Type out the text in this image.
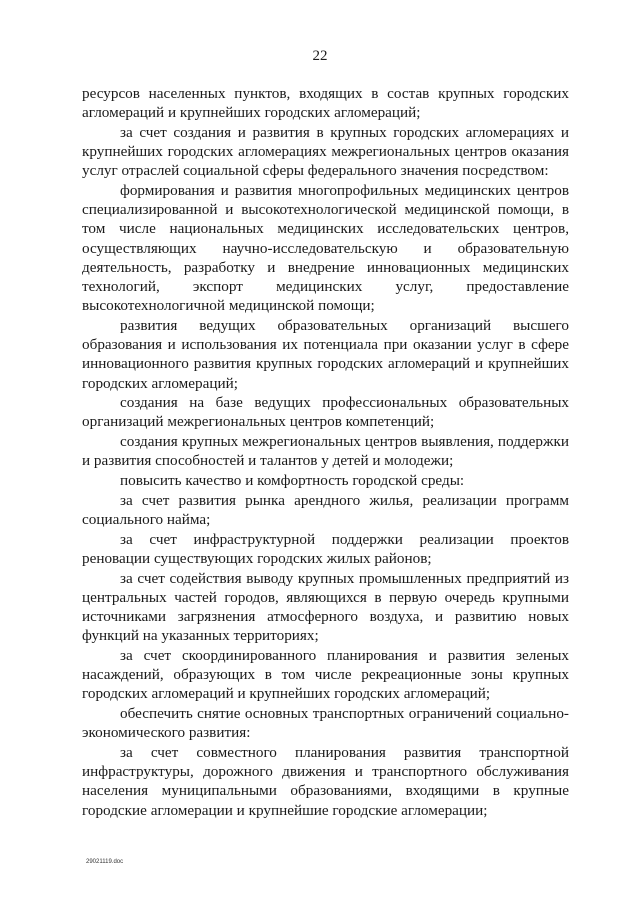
22

ресурсов населенных пунктов, входящих в состав крупных городских агломераций и крупнейших городских агломераций;

за счет создания и развития в крупных городских агломерациях и крупнейших городских агломерациях межрегиональных центров оказания услуг отраслей социальной сферы федерального значения посредством:

формирования и развития многопрофильных медицинских центров специализированной и высокотехнологической медицинской помощи, в том числе национальных медицинских исследовательских центров, осуществляющих научно-исследовательскую и образовательную деятельность, разработку и внедрение инновационных медицинских технологий, экспорт медицинских услуг, предоставление высокотехнологичной медицинской помощи;

развития ведущих образовательных организаций высшего образования и использования их потенциала при оказании услуг в сфере инновационного развития крупных городских агломераций и крупнейших городских агломераций;

создания на базе ведущих профессиональных образовательных организаций межрегиональных центров компетенций;

создания крупных межрегиональных центров выявления, поддержки и развития способностей и талантов у детей и молодежи;

повысить качество и комфортность городской среды:

за счет развития рынка арендного жилья, реализации программ социального найма;

за счет инфраструктурной поддержки реализации проектов реновации существующих городских жилых районов;

за счет содействия выводу крупных промышленных предприятий из центральных частей городов, являющихся в первую очередь крупными источниками загрязнения атмосферного воздуха, и развитию новых функций на указанных территориях;

за счет скоординированного планирования и развития зеленых насаждений, образующих в том числе рекреационные зоны крупных городских агломераций и крупнейших городских агломераций;

обеспечить снятие основных транспортных ограничений социально-экономического развития:

за счет совместного планирования развития транспортной инфраструктуры, дорожного движения и транспортного обслуживания населения муниципальными образованиями, входящими в крупные городские агломерации и крупнейшие городские агломерации;

29021119.doc
